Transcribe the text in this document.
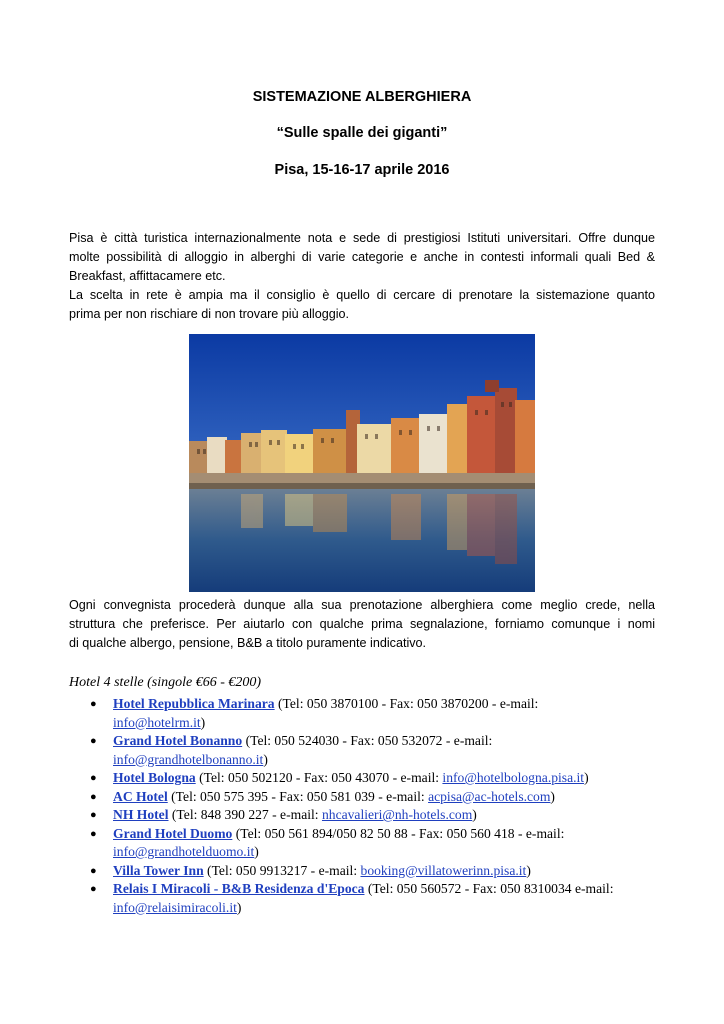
SISTEMAZIONE ALBERGHIERA
“Sulle spalle dei giganti”
Pisa, 15-16-17 aprile 2016
Pisa è città turistica internazionalmente nota e sede di prestigiosi Istituti universitari. Offre dunque
molte possibilità di alloggio in alberghi di varie categorie e anche in contesti informali quali Bed &
Breakfast, affittacamere etc.
La scelta in rete è ampia ma il consiglio è quello di cercare di prenotare la sistemazione quanto
prima per non rischiare di non trovare più alloggio.
Ogni convegnista procederà dunque alla sua prenotazione alberghiera come meglio crede, nella
struttura che preferisce. Per aiutarlo con qualche prima segnalazione, forniamo comunque i nomi
di qualche albergo, pensione, B&B a titolo puramente indicativo.
Hotel 4 stelle (singole €66 - €200)
● Hotel Repubblica Marinara (Tel: 050 3870100 - Fax: 050 3870200 - e-mail: info@hotelrm.it)
● Grand Hotel Bonanno (Tel: 050 524030 - Fax: 050 532072 - e-mail: info@grandhotelbonanno.it)
● Hotel Bologna (Tel: 050 502120 - Fax: 050 43070 - e-mail: info@hotelbologna.pisa.it)
● AC Hotel (Tel: 050 575 395 - Fax: 050 581 039 - e-mail: acpisa@ac-hotels.com)
● NH Hotel (Tel: 848 390 227 - e-mail: nhcavalieri@nh-hotels.com)
● Grand Hotel Duomo (Tel: 050 561 894/050 82 50 88 - Fax: 050 560 418 - e-mail: info@grandhotelduomo.it)
● Villa Tower Inn (Tel: 050 9913217 - e-mail: booking@villatowerinn.pisa.it)
● Relais I Miracoli - B&B Residenza d'Epoca (Tel: 050 560572 - Fax: 050 8310034 e-mail: info@relaisimiracoli.it)
